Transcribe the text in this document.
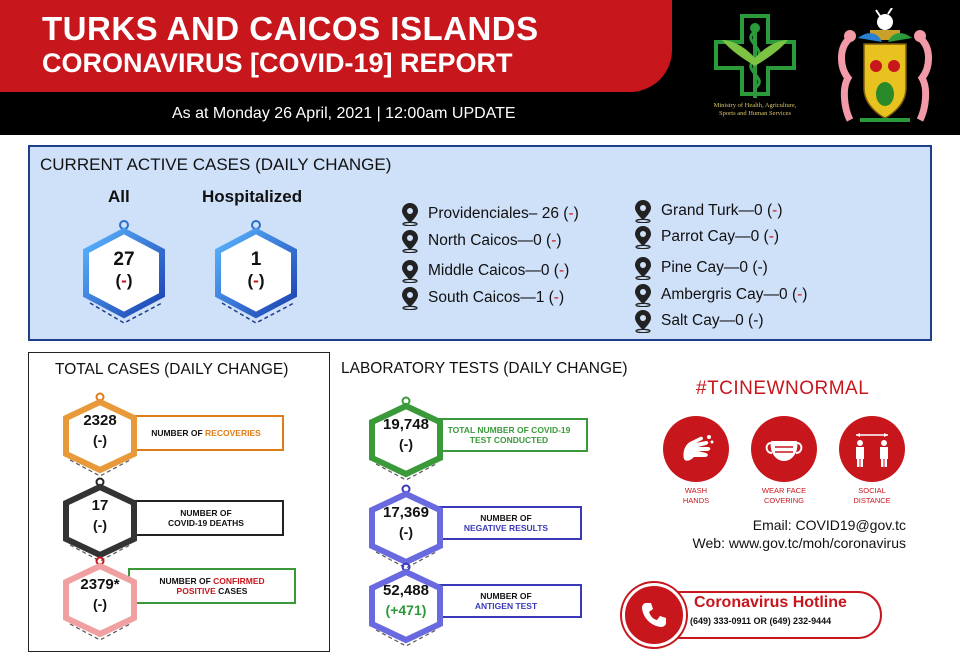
TURKS AND CAICOS ISLANDS
CORONAVIRUS [COVID-19] REPORT
As at Monday 26 April, 2021 | 12:00am UPDATE	Ministry of Health, Agriculture,
Sports and Human Services
CURRENT ACTIVE CASES (DAILY CHANGE)
All	Hospitalized
27
(-)
1
(-)
Providenciales– 26 ( - )
North Caicos—0 ( - )
Middle Caicos—0 ( - )
South Caicos—1 ( - )
Grand Turk—0 ( - )
Parrot Cay—0 ( - )
Pine Cay—0 ( - )
Ambergris Cay—0 ( - )
Salt Cay—0 ( - )
TOTAL CASES (DAILY CHANGE)
NUMBER OF RECOVERIES
2328
(-)
NUMBER OF
COVID-19 DEATHS
17
(-)
NUMBER OF CONFIRMED
POSITIVE CASES
2379*
(-)
LABORATORY TESTS (DAILY CHANGE)
TOTAL NUMBER OF COVID-19
TEST CONDUCTED
19,748
(-)
NUMBER OF
NEGATIVE RESULTS
17,369
(-)
NUMBER OF
ANTIGEN TEST
52,488
(+471)
#TCINEWNORMAL
WASH
HANDS
WEAR FACE
COVERING
SOCIAL
DISTANCE
Email: COVID19@gov.tc
Web: www.gov.tc/moh/coronavirus
Coronavirus Hotline
(649) 333-0911 OR (649) 232-9444
